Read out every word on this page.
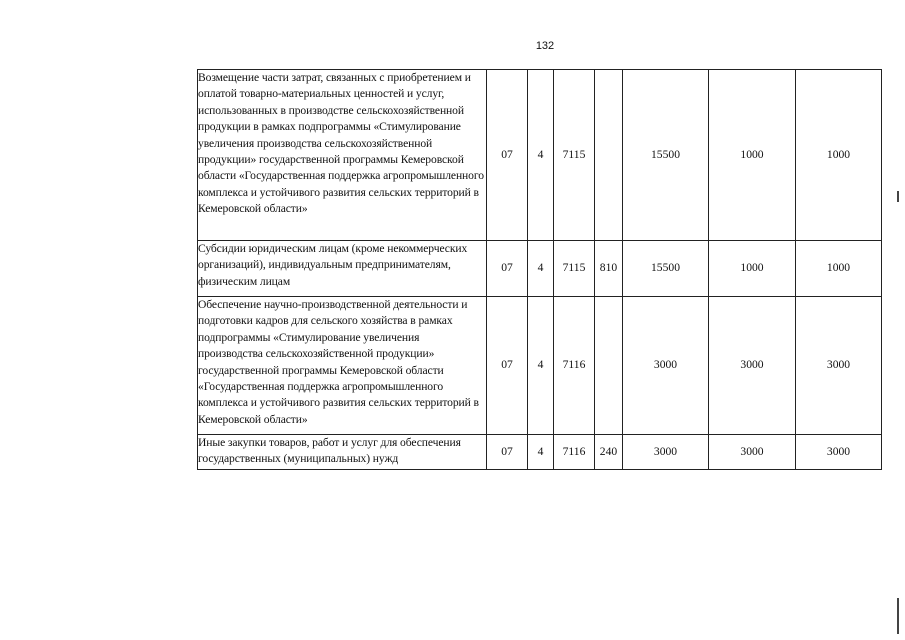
132
Возмещение части затрат, связанных с приобретением и оплатой товарно-материальных ценностей и услуг, использованных в производстве сельскохозяйственной продукции в рамках подпрограммы «Стимулирование увеличения производства сельскохозяйственной продукции» государственной программы Кемеровской области «Государственная поддержка агропромышленного комплекса и устойчивого развития сельских территорий в Кемеровской области»	07	4	7115		15500	1000	1000
Субсидии юридическим лицам (кроме некоммерческих организаций), индивидуальным предпринимателям, физическим лицам	07	4	7115	810	15500	1000	1000
Обеспечение научно-производственной деятельности и подготовки кадров для сельского хозяйства в рамках подпрограммы «Стимулирование увеличения производства сельскохозяйственной продукции» государственной программы Кемеровской области «Государственная поддержка агропромышленного комплекса и устойчивого развития сельских территорий в Кемеровской области»	07	4	7116		3000	3000	3000
Иные закупки товаров, работ и услуг для обеспечения государственных (муниципальных) нужд	07	4	7116	240	3000	3000	3000
